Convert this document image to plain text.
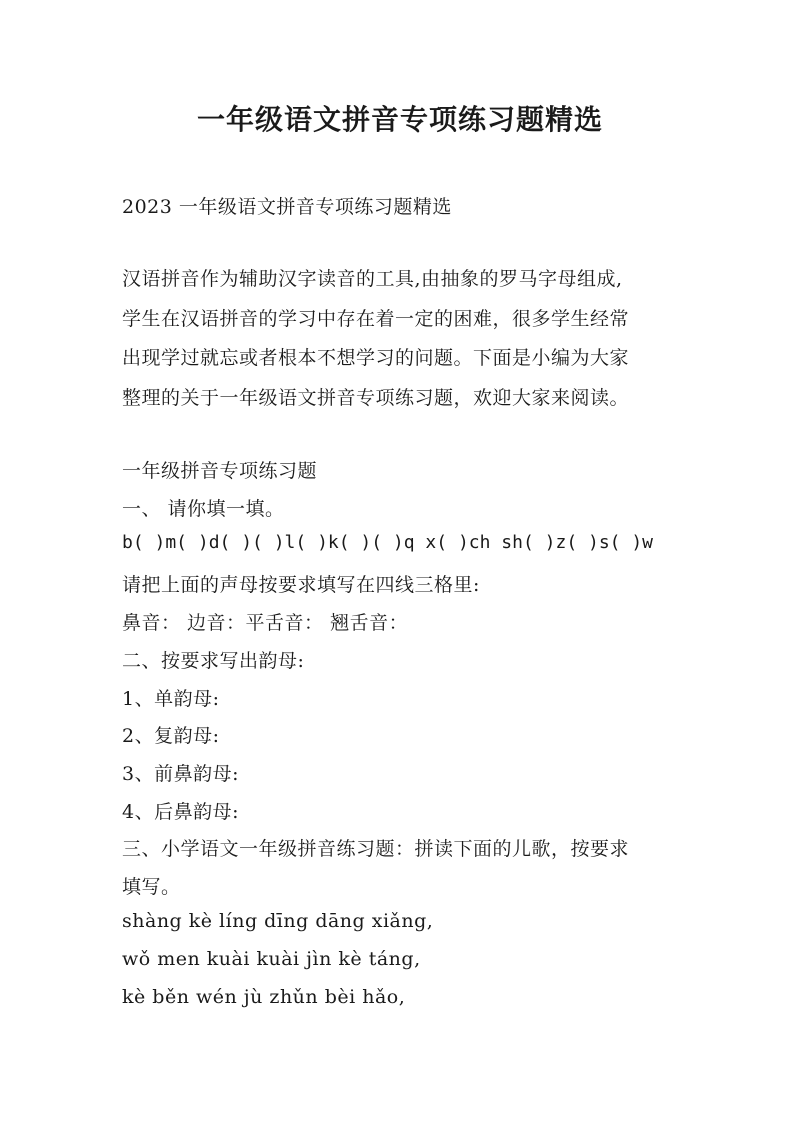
一年级语文拼音专项练习题精选

2023 一年级语文拼音专项练习题精选

汉语拼音作为辅助汉字读音的工具,由抽象的罗马字母组成,

学生在汉语拼音的学习中存在着一定的困难，很多学生经常

出现学过就忘或者根本不想学习的问题。下面是小编为大家

整理的关于一年级语文拼音专项练习题，欢迎大家来阅读。

一年级拼音专项练习题

一、 请你填一填。

b( )m( )d( )( )l( )k( )( )q x( )ch sh( )z( )s( )w

请把上面的声母按要求填写在四线三格里:

鼻音： 边音：平舌音： 翘舌音：

二、按要求写出韵母:

1、单韵母:

2、复韵母:

3、前鼻韵母:

4、后鼻韵母:

三、小学语文一年级拼音练习题：拼读下面的儿歌，按要求

填写。

shàng kè líng dīng dāng xiǎng,

wǒ men kuài kuài jìn kè táng,

kè běn wén jù zhǔn bèi hǎo,
